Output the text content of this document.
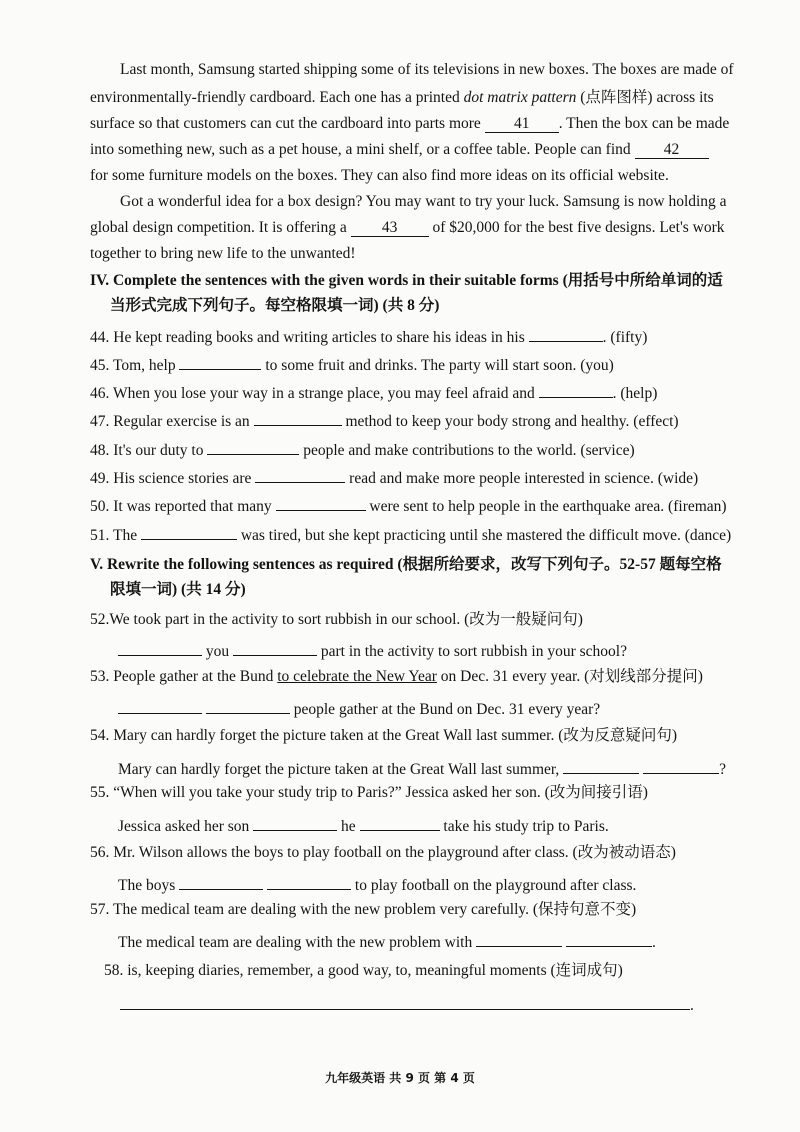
Last month, Samsung started shipping some of its televisions in new boxes. The boxes are made of
environmentally-friendly cardboard. Each one has a printed dot matrix pattern (点阵图样) across its
surface so that customers can cut the cardboard into parts more 41 . Then the box can be made
into something new, such as a pet house, a mini shelf, or a coffee table. People can find 42
for some furniture models on the boxes. They can also find more ideas on its official website.
Got a wonderful idea for a box design? You may want to try your luck. Samsung is now holding a
global design competition. It is offering a 43 of $20,000 for the best five designs. Let's work
together to bring new life to the unwanted!
IV. Complete the sentences with the given words in their suitable forms (用括号中所给单词的适
当形式完成下列句子。每空格限填一词) (共 8 分)
44. He kept reading books and writing articles to share his ideas in his	. (fifty)
45. Tom, help	to some fruit and drinks. The party will start soon. (you)
46. When you lose your way in a strange place, you may feel afraid and	. (help)
47. Regular exercise is an	method to keep your body strong and healthy. (effect)
48. It's our duty to	people and make contributions to the world. (service)
49. His science stories are	read and make more people interested in science. (wide)
50. It was reported that many	were sent to help people in the earthquake area. (fireman)
51. The	was tired, but she kept practicing until she mastered the difficult move. (dance)
V. Rewrite the following sentences as required (根据所给要求，改写下列句子。52-57 题每空格
限填一词) (共 14 分)
52.We took part in the activity to sort rubbish in our school. (改为一般疑问句)
you	part in the activity to sort rubbish in your school?
53. People gather at the Bund to celebrate the New Year on Dec. 31 every year. (对划线部分提问)
people gather at the Bund on Dec. 31 every year?
54. Mary can hardly forget the picture taken at the Great Wall last summer. (改为反意疑问句)
Mary can hardly forget the picture taken at the Great Wall last summer,	?
55. “When will you take your study trip to Paris?” Jessica asked her son. (改为间接引语)
Jessica asked her son	he	take his study trip to Paris.
56. Mr. Wilson allows the boys to play football on the playground after class. (改为被动语态)
The boys	to play football on the playground after class.
57. The medical team are dealing with the new problem very carefully. (保持句意不变)
The medical team are dealing with the new problem with	.
58. is, keeping diaries, remember, a good way, to, meaningful moments (连词成句)
.
九年级英语 共 9 页 第 4 页
